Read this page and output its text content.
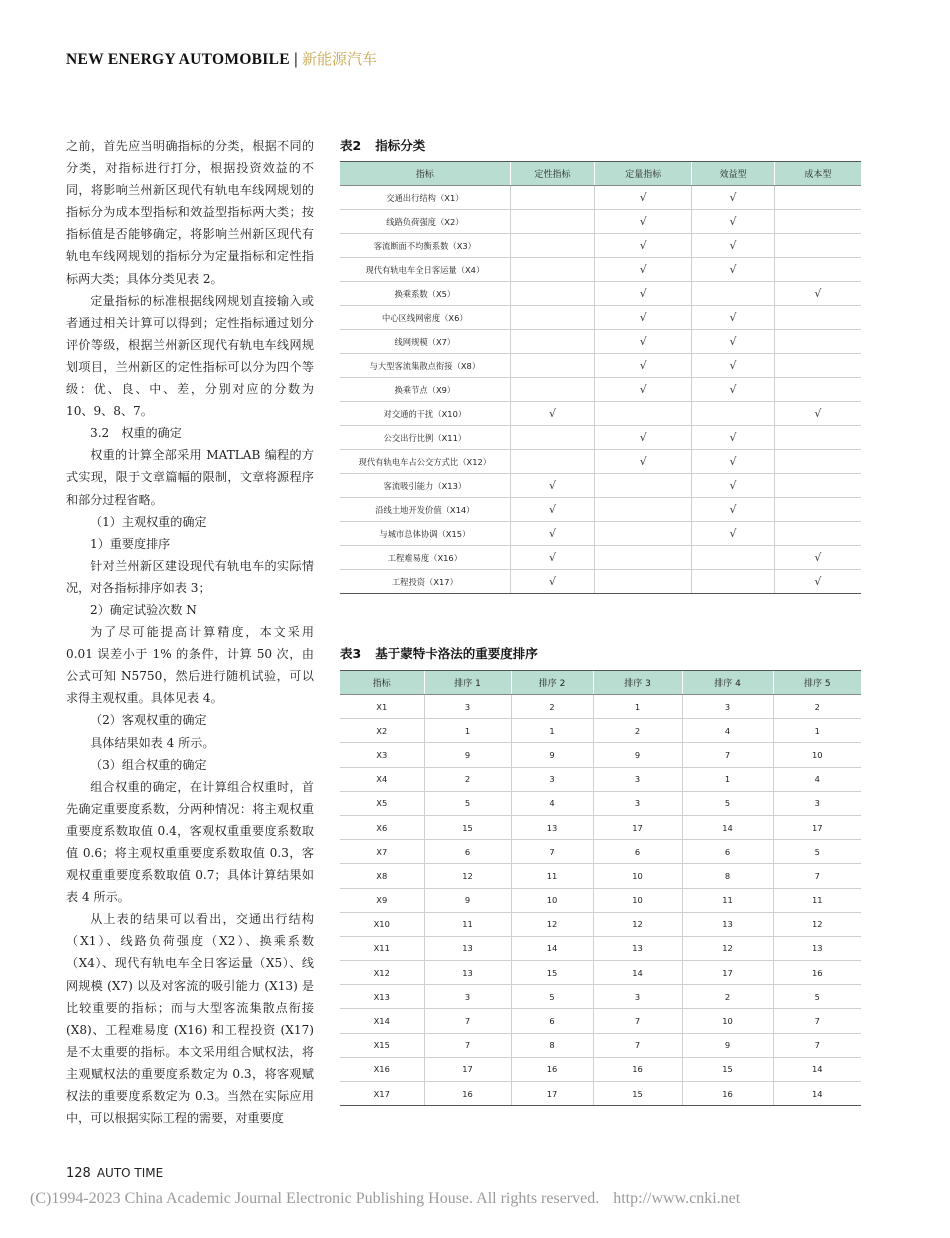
NEW ENERGY AUTOMOBILE | 新能源汽车

之前，首先应当明确指标的分类，根据不同的分类，对指标进行打分，根据投资效益的不同，将影响兰州新区现代有轨电车线网规划的指标分为成本型指标和效益型指标两大类；按指标值是否能够确定，将影响兰州新区现代有轨电车线网规划的指标分为定量指标和定性指标两大类；具体分类见表 2。

定量指标的标准根据线网规划直接输入或者通过相关计算可以得到；定性指标通过划分评价等级，根据兰州新区现代有轨电车线网规划项目，兰州新区的定性指标可以分为四个等级：优、良、中、差，分别对应的分数为 10、9、8、7。

3.2　权重的确定

权重的计算全部采用 MATLAB 编程的方式实现，限于文章篇幅的限制，文章将源程序和部分过程省略。

（1）主观权重的确定

1）重要度排序

针对兰州新区建设现代有轨电车的实际情况，对各指标排序如表 3；

2）确定试验次数 N

为了尽可能提高计算精度，本文采用 0.01 误差小于 1% 的条件，计算 50 次，由公式可知 N5750，然后进行随机试验，可以求得主观权重。具体见表 4。

（2）客观权重的确定

具体结果如表 4 所示。

（3）组合权重的确定

组合权重的确定，在计算组合权重时，首先确定重要度系数，分两种情况：将主观权重重要度系数取值 0.4，客观权重重要度系数取值 0.6；将主观权重重要度系数取值 0.3，客观权重重要度系数取值 0.7；具体计算结果如表 4 所示。

从上表的结果可以看出，交通出行结构（X1）、线路负荷强度（X2）、换乘系数（X4）、现代有轨电车全日客运量（X5）、线网规模 (X7) 以及对客流的吸引能力 (X13) 是比较重要的指标；而与大型客流集散点衔接 (X8)、工程难易度 (X16) 和工程投资 (X17) 是不太重要的指标。本文采用组合赋权法，将主观赋权法的重要度系数定为 0.3，将客观赋权法的重要度系数定为 0.3。当然在实际应用中，可以根据实际工程的需要，对重要度

表2 指标分类
指标	定性指标	定量指标	效益型	成本型
交通出行结构（X1）		√	√	
线路负荷强度（X2）		√	√	
客流断面不均衡系数（X3）		√	√	
现代有轨电车全日客运量（X4）		√	√	
换乘系数（X5）		√		√
中心区线网密度（X6）		√	√	
线网规模（X7）		√	√	
与大型客流集散点衔接（X8）		√	√	
换乘节点（X9）		√	√	
对交通的干扰（X10）	√			√
公交出行比例（X11）		√	√	
现代有轨电车占公交方式比（X12）		√	√	
客流吸引能力（X13）	√		√	
沿线土地开发价值（X14）	√		√	
与城市总体协调（X15）	√		√	
工程难易度（X16）	√			√
工程投资（X17）	√			√
表3 基于蒙特卡洛法的重要度排序
指标	排序 1	排序 2	排序 3	排序 4	排序 5
X1	3	2	1	3	2
X2	1	1	2	4	1
X3	9	9	9	7	10
X4	2	3	3	1	4
X5	5	4	3	5	3
X6	15	13	17	14	17
X7	6	7	6	6	5
X8	12	11	10	8	7
X9	9	10	10	11	11
X10	11	12	12	13	12
X11	13	14	13	12	13
X12	13	15	14	17	16
X13	3	5	3	2	5
X14	7	6	7	10	7
X15	7	8	7	9	7
X16	17	16	16	15	14
X17	16	17	15	16	14
128 AUTO TIME
(C)1994-2023 China Academic Journal Electronic Publishing House. All rights reserved. http://www.cnki.net
